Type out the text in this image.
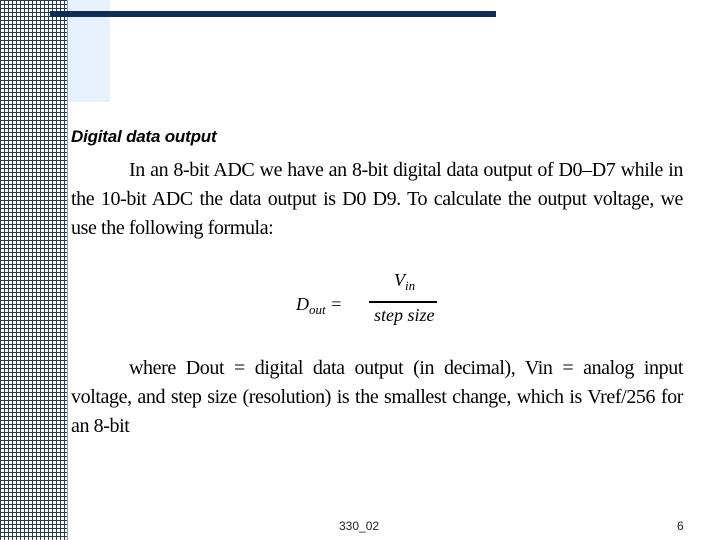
Digital data output

In an 8-bit ADC we have an 8-bit digital data output of D0–D7 while in the 10-bit ADC the data output is D0 D9. To calculate the output voltage, we use the following formula:

$D_{out}$ =
$V_{in}$
step size

where Dout = digital data output (in decimal), Vin = analog input voltage, and step size (resolution) is the smallest change, which is Vref/256 for an 8-bit

330_02	6
